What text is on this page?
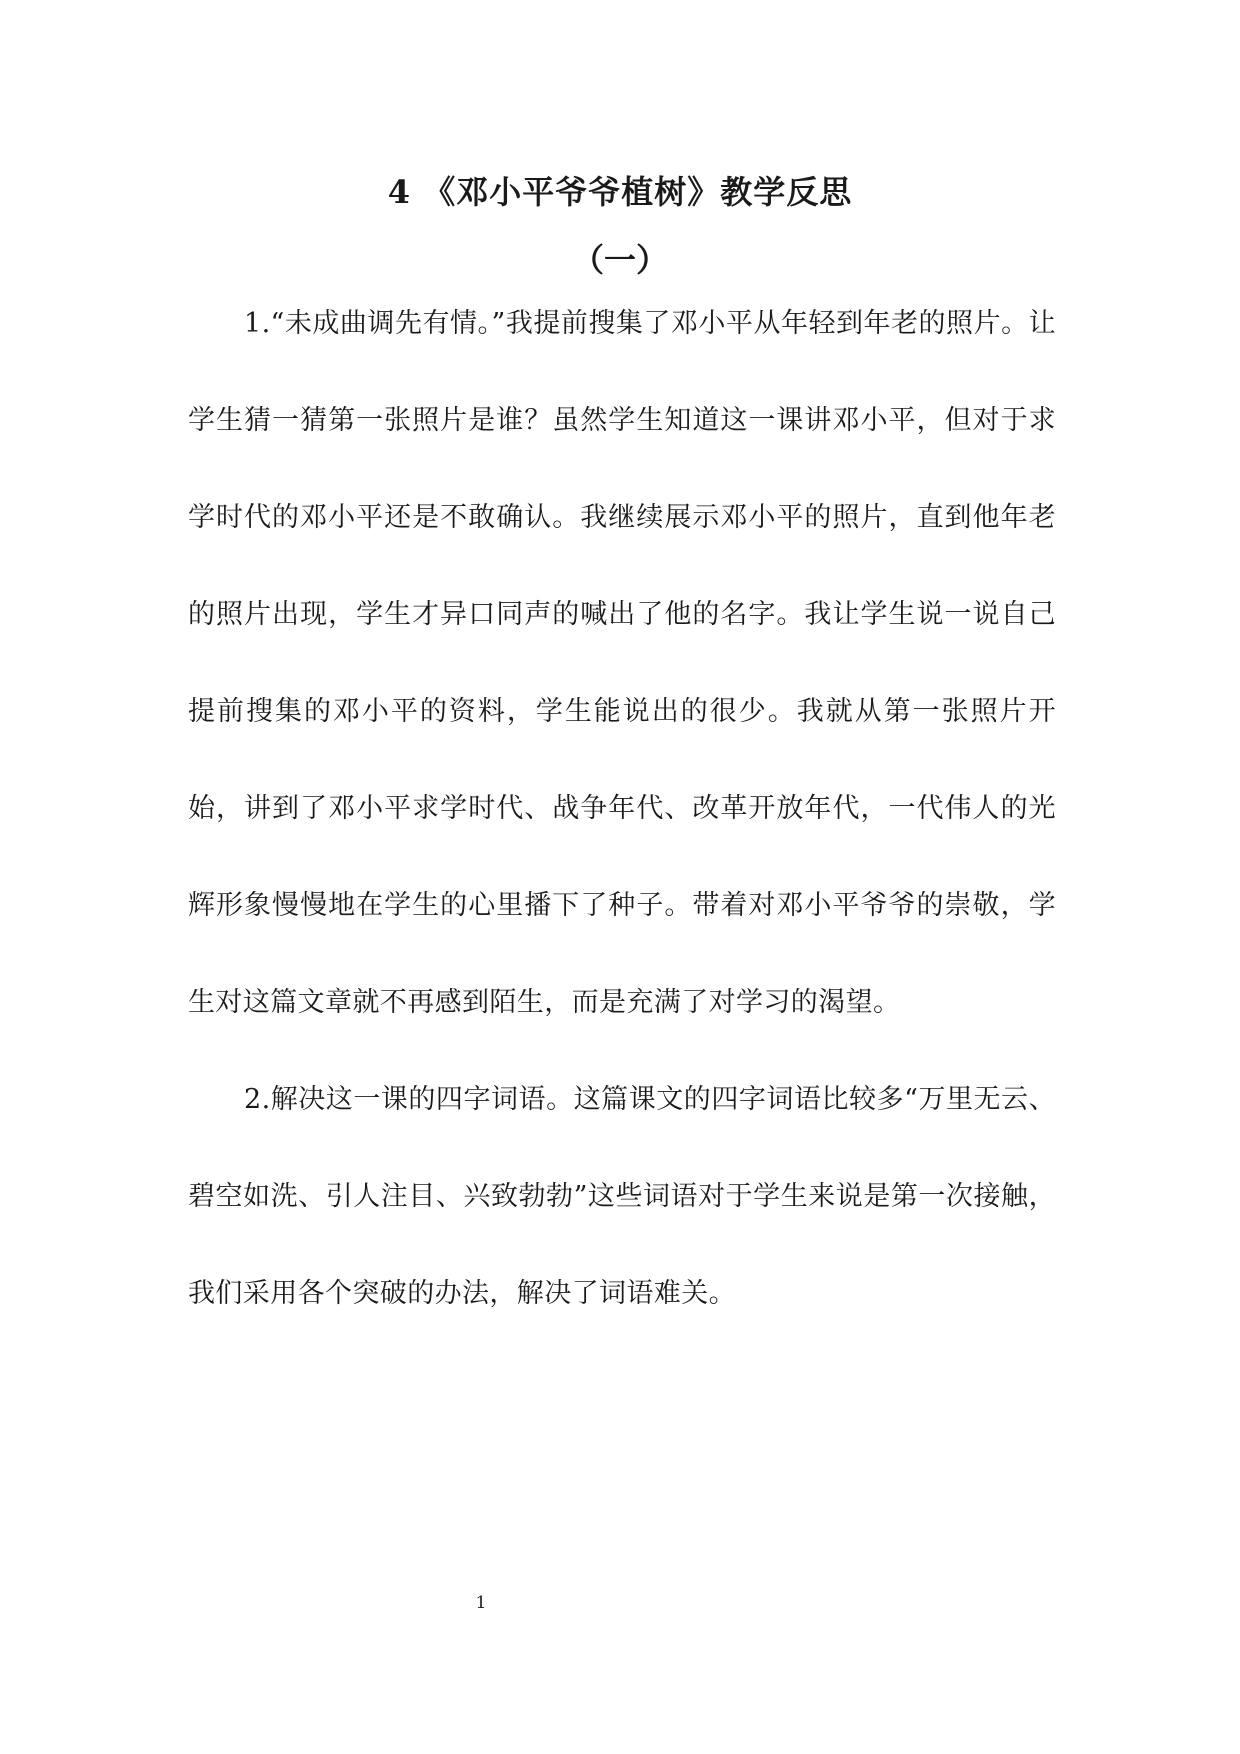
4 《邓小平爷爷植树》教学反思
（一）

1.“未成曲调先有情。”我提前搜集了邓小平从年轻到年老的照片。让学生猜一猜第一张照片是谁？虽然学生知道这一课讲邓小平，但对于求学时代的邓小平还是不敢确认。我继续展示邓小平的照片，直到他年老的照片出现，学生才异口同声的喊出了他的名字。我让学生说一说自己提前搜集的邓小平的资料，学生能说出的很少。我就从第一张照片开始，讲到了邓小平求学时代、战争年代、改革开放年代，一代伟人的光辉形象慢慢地在学生的心里播下了种子。带着对邓小平爷爷的崇敬，学生对这篇文章就不再感到陌生，而是充满了对学习的渴望。

2.解决这一课的四字词语。这篇课文的四字词语比较多“万里无云、碧空如洗、引人注目、兴致勃勃”这些词语对于学生来说是第一次接触，我们采用各个突破的办法，解决了词语难关。

1
